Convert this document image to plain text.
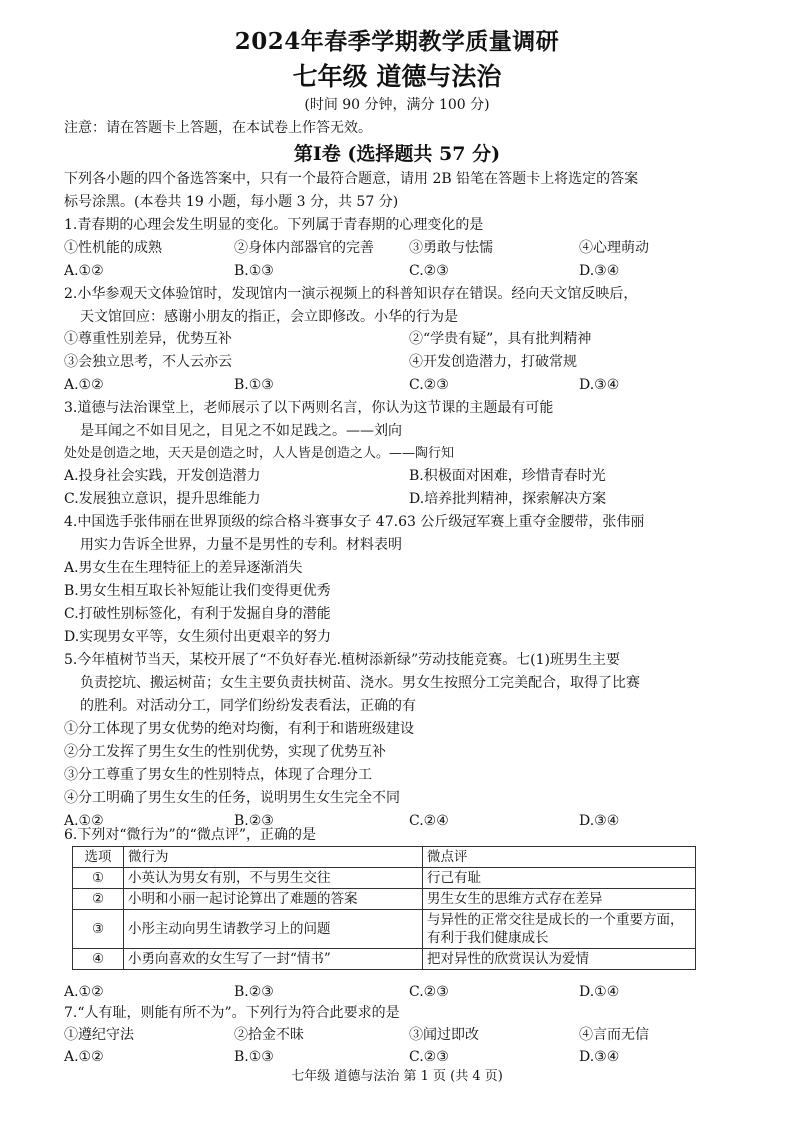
2024年春季学期教学质量调研
七年级 道德与法治
(时间 90 分钟，满分 100 分)
注意：请在答题卡上答题，在本试卷上作答无效。
第Ⅰ卷 (选择题共 57 分)
下列各小题的四个备选答案中，只有一个最符合题意，请用 2B 铅笔在答题卡上将选定的答案
标号涂黑。(本卷共 19 小题，每小题 3 分，共 57 分)
1.青春期的心理会发生明显的变化。下列属于青春期的心理变化的是
①性机能的成熟	②身体内部器官的完善	③勇敢与怯懦	④心理萌动
A.①②	B.①③	C.②③	D.③④
2.小华参观天文体验馆时，发现馆内一演示视频上的科普知识存在错误。经向天文馆反映后，
天文馆回应：感谢小朋友的指正，会立即修改。小华的行为是
①尊重性别差异，优势互补	②“学贵有疑”，具有批判精神
③会独立思考，不人云亦云	④开发创造潜力，打破常规
A.①②	B.①③	C.②③	D.③④
3.道德与法治课堂上，老师展示了以下两则名言，你认为这节课的主题最有可能
是耳闻之不如目见之，目见之不如足践之。——刘向
处处是创造之地，天天是创造之时，人人皆是创造之人。——陶行知
A.投身社会实践，开发创造潜力	B.积极面对困难，珍惜青春时光
C.发展独立意识，提升思维能力	D.培养批判精神，探索解决方案
4.中国选手张伟丽在世界顶级的综合格斗赛事女子 47.63 公斤级冠军赛上重夺金腰带，张伟丽
用实力告诉全世界，力量不是男性的专利。材料表明
A.男女生在生理特征上的差异逐渐消失
B.男女生相互取长补短能让我们变得更优秀
C.打破性别标签化，有利于发掘自身的潜能
D.实现男女平等，女生须付出更艰辛的努力
5.今年植树节当天，某校开展了“不负好春光.植树添新绿”劳动技能竞赛。七(1)班男生主要
负责挖坑、搬运树苗；女生主要负责扶树苗、浇水。男女生按照分工完美配合，取得了比赛
的胜利。对活动分工，同学们纷纷发表看法，正确的有
①分工体现了男女优势的绝对均衡，有利于和谐班级建设
②分工发挥了男生女生的性别优势，实现了优势互补
③分工尊重了男女生的性别特点，体现了合理分工
④分工明确了男生女生的任务，说明男生女生完全不同
A.①②	B.②③	C.②④	D.③④
6.下列对“微行为”的“微点评”，正确的是
选项	微行为	微点评
①	小英认为男女有别，不与男生交往	行己有耻
②	小明和小丽一起讨论算出了难题的答案	男生女生的思维方式存在差异
③	小彤主动向男生请教学习上的问题	与异性的正常交往是成长的一个重要方面， 有利于我们健康成长
④	小勇向喜欢的女生写了一封“情书”	把对异性的欣赏误认为爱情
A.①②	B.②③	C.②③	D.①④
7.“人有耻，则能有所不为”。下列行为符合此要求的是
①遵纪守法	②拾金不昧	③闻过即改	④言而无信
A.①②	B.①③	C.②③	D.③④
七年级 道德与法治 第 1 页 (共 4 页)
